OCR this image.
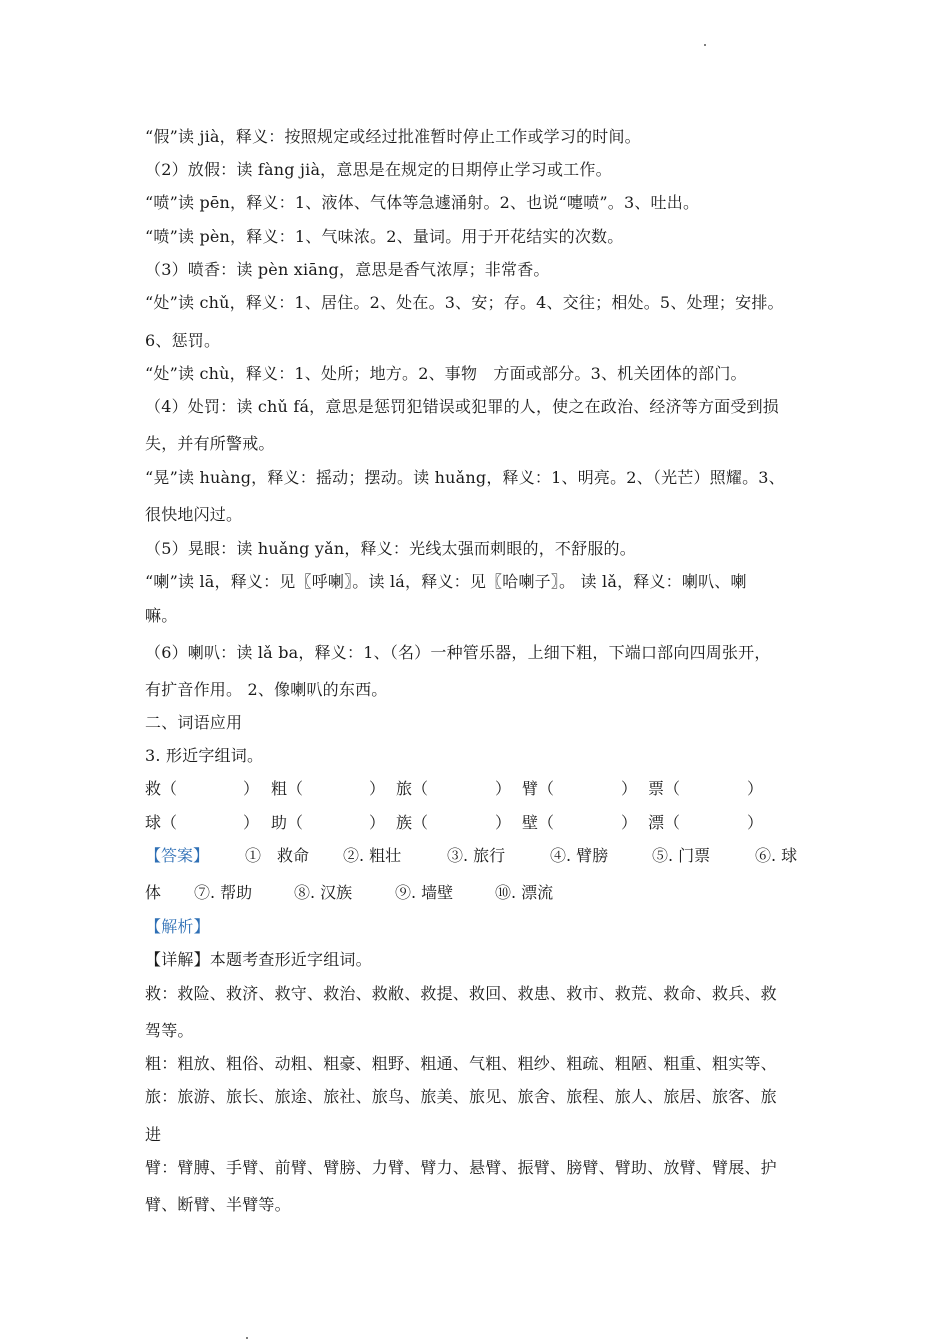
“假”读 jià，释义：按照规定或经过批准暂时停止工作或学习的时间。
（2）放假：读 fàng jià，意思是在规定的日期停止学习或工作。
“喷”读 pēn，释义：1、液体、气体等急遽涌射。2、也说“嚏喷”。3、吐出。
“喷”读 pèn，释义：1、气味浓。2、量词。用于开花结实的次数。
（3）喷香：读 pèn xiāng，意思是香气浓厚；非常香。
“处”读 chǔ，释义：1、居住。2、处在。3、安；存。4、交往；相处。5、处理；安排。
6、惩罚。
“处”读 chù，释义：1、处所；地方。2、事物　方面或部分。3、机关团体的部门。
（4）处罚：读 chǔ fá，意思是惩罚犯错误或犯罪的人，使之在政治、经济等方面受到损
失，并有所警戒。
“晃”读 huàng，释义：摇动；摆动。读 huǎng，释义：1、明亮。2、（光芒）照耀。3、
很快地闪过。
（5）晃眼：读 huǎng yǎn，释义：光线太强而刺眼的，不舒服的。
“喇”读 lā，释义：见〖呼喇〗。读 lá，释义：见〖哈喇子〗。 读 lǎ，释义：喇叭、喇
嘛。
（6）喇叭：读 lǎ ba，释义：1、（名）一种管乐器，上细下粗，下端口部向四周张开，
有扩音作用。 2、像喇叭的东西。
二、词语应用
3. 形近字组词。
救（	） 粗（	） 旅（	） 臂（	） 票（	）
球（	） 助（	） 族（	） 壁（	） 漂（	）
【答案】 ①　救命 ②. 粗壮	③. 旅行	④. 臂膀	⑤. 门票	⑥. 球
体 ⑦. 帮助	⑧. 汉族	⑨. 墙壁	⑩. 漂流
【解析】
【详解】本题考查形近字组词。
救：救险、救济、救守、救治、救敝、救提、救回、救患、救市、救荒、救命、救兵、救
驾等。
粗：粗放、粗俗、动粗、粗豪、粗野、粗通、气粗、粗纱、粗疏、粗陋、粗重、粗实等、
旅：旅游、旅长、旅途、旅社、旅鸟、旅美、旅见、旅舍、旅程、旅人、旅居、旅客、旅
进
臂：臂膊、手臂、前臂、臂膀、力臂、臂力、悬臂、振臂、膀臂、臂助、放臂、臂展、护
臂、断臂、半臂等。
